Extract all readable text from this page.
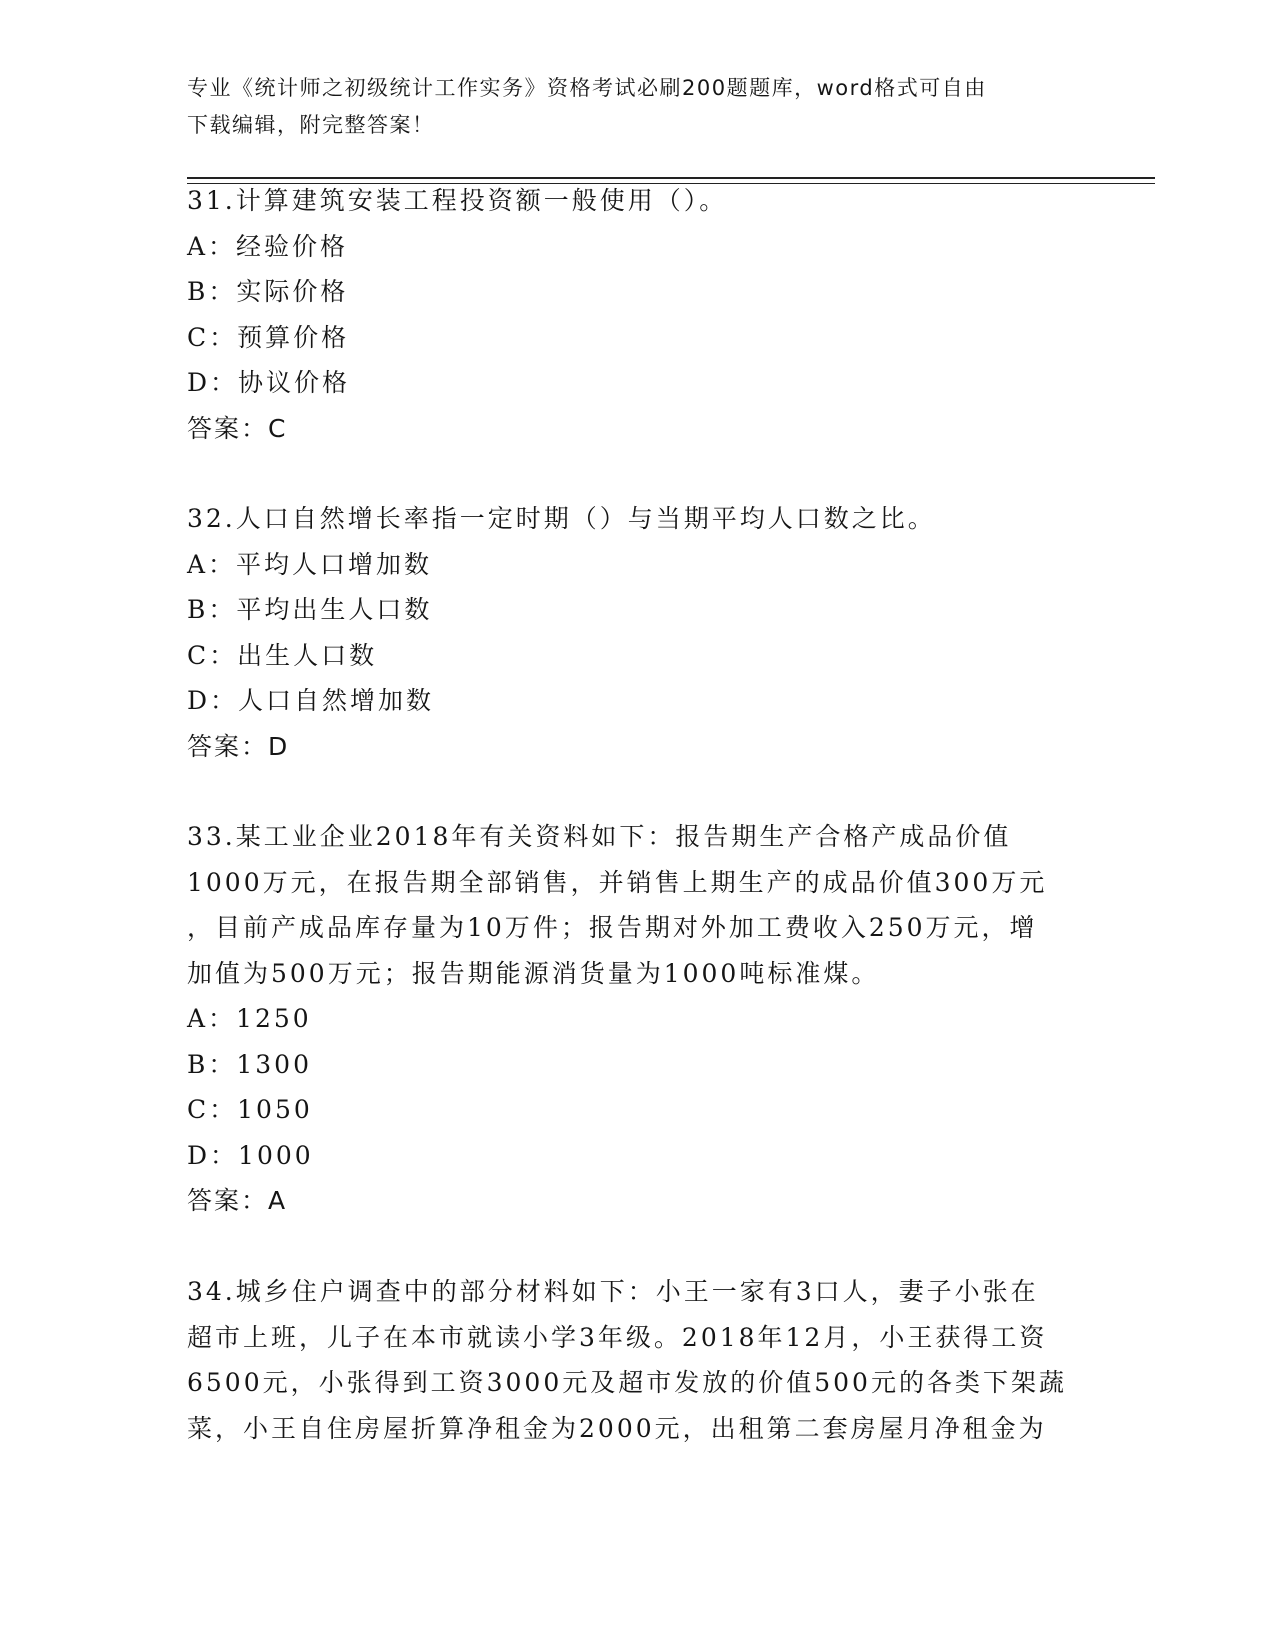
专业《统计师之初级统计工作实务》资格考试必刷200题题库，word格式可自由
下载编辑，附完整答案！
31.计算建筑安装工程投资额一般使用（）。
A：经验价格
B：实际价格
C：预算价格
D：协议价格
答案：C
32.人口自然增长率指一定时期（）与当期平均人口数之比。
A：平均人口增加数
B：平均出生人口数
C：出生人口数
D：人口自然增加数
答案：D
33.某工业企业2018年有关资料如下：报告期生产合格产成品价值
1000万元，在报告期全部销售，并销售上期生产的成品价值300万元
，目前产成品库存量为10万件；报告期对外加工费收入250万元，增
加值为500万元；报告期能源消货量为1000吨标准煤。
A：1250
B：1300
C：1050
D：1000
答案：A
34.城乡住户调查中的部分材料如下：小王一家有3口人，妻子小张在
超市上班，儿子在本市就读小学3年级。2018年12月，小王获得工资
6500元，小张得到工资3000元及超市发放的价值500元的各类下架蔬
菜，小王自住房屋折算净租金为2000元，出租第二套房屋月净租金为
